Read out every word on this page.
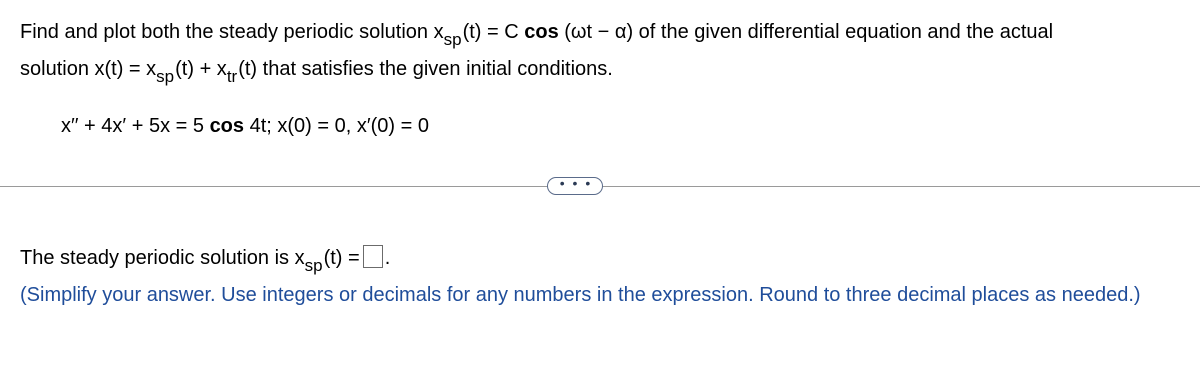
Find and plot both the steady periodic solution $x_{sp}(t) = C$ cos (ωt − α) of the given differential equation and the actual
solution $x(t) = x_{sp}(t) + x_{tr}(t)$ that satisfies the given initial conditions.
x′′ + 4x′ + 5x = 5 cos 4t; x(0) = 0, x′(0) = 0
• • •
The steady periodic solution is $x_{sp}(t)$ = .
(Simplify your answer. Use integers or decimals for any numbers in the expression. Round to three decimal places as needed.)
